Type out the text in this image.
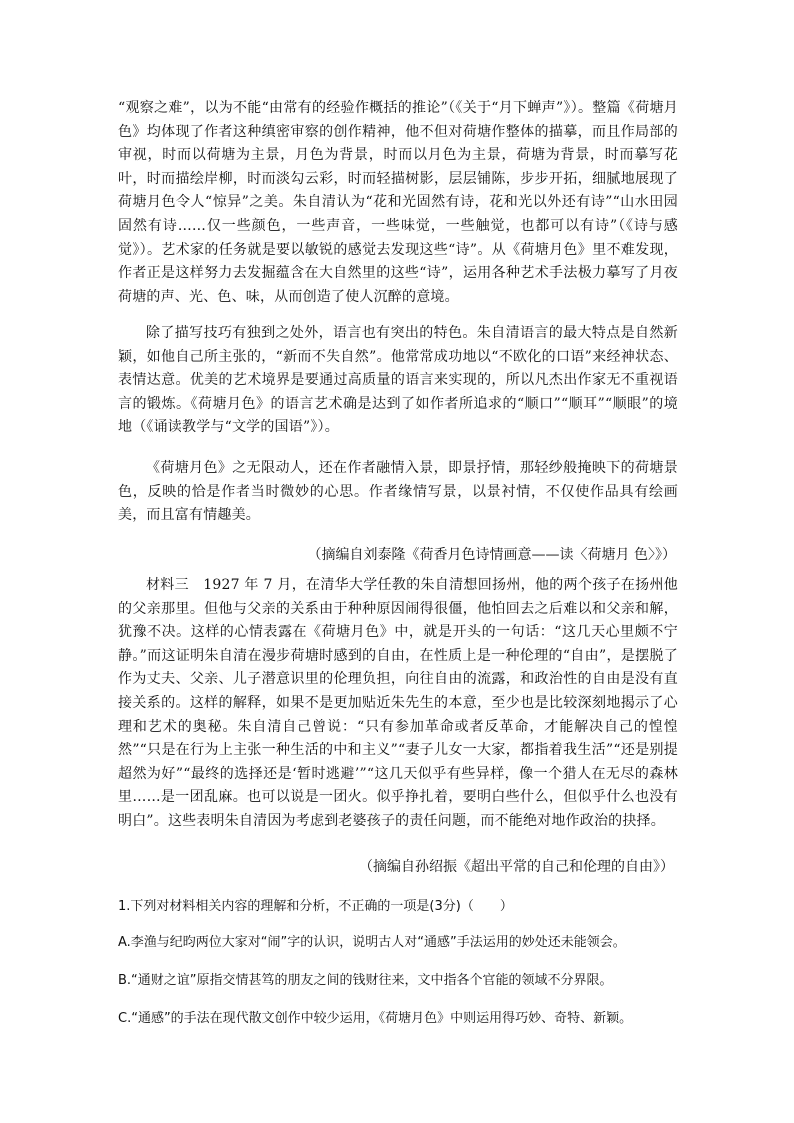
“观察之难”，以为不能“由常有的经验作概括的推论”（《关于“月下蝉声”》）。整篇《荷塘月色》均体现了作者这种缜密审察的创作精神，他不但对荷塘作整体的描摹，而且作局部的审视，时而以荷塘为主景，月色为背景，时而以月色为主景，荷塘为背景，时而摹写花叶，时而描绘岸柳，时而淡勾云彩，时而轻描树影，层层铺陈，步步开拓，细腻地展现了荷塘月色令人“惊异”之美。朱自清认为“花和光固然有诗，花和光以外还有诗”“山水田园固然有诗……仅一些颜色，一些声音，一些味觉，一些触觉，也都可以有诗”（《诗与感觉》）。艺术家的任务就是要以敏锐的感觉去发现这些“诗”。从《荷塘月色》里不难发现，作者正是这样努力去发掘蕴含在大自然里的这些“诗”，运用各种艺术手法极力摹写了月夜荷塘的声、光、色、味，从而创造了使人沉醉的意境。

除了描写技巧有独到之处外，语言也有突出的特色。朱自清语言的最大特点是自然新颖，如他自己所主张的，“新而不失自然”。他常常成功地以“不欧化的口语”来经神状态、表情达意。优美的艺术境界是要通过高质量的语言来实现的，所以凡杰出作家无不重视语言的锻炼。《荷塘月色》的语言艺术确是达到了如作者所追求的“顺口”“顺耳”“顺眼”的境地（《诵读教学与“文学的国语”》）。

《荷塘月色》之无限动人，还在作者融情入景，即景抒情，那轻纱般掩映下的荷塘景色，反映的恰是作者当时微妙的心思。作者缘情写景，以景衬情，不仅使作品具有绘画美，而且富有情趣美。

（摘编自刘泰隆《荷香月色诗情画意——读〈荷塘月 色〉》）

材料三　1927 年 7 月，在清华大学任教的朱自清想回扬州，他的两个孩子在扬州他的父亲那里。但他与父亲的关系由于种种原因闹得很僵，他怕回去之后难以和父亲和解，犹豫不决。这样的心情表露在《荷塘月色》中，就是开头的一句话：“这几天心里颇不宁静。”而这证明朱自清在漫步荷塘时感到的自由，在性质上是一种伦理的“自由”，是摆脱了作为丈夫、父亲、儿子潜意识里的伦理负担，向往自由的流露，和政治性的自由是没有直接关系的。这样的解释，如果不是更加贴近朱先生的本意，至少也是比较深刻地揭示了心理和艺术的奥秘。朱自清自己曾说：“只有参加革命或者反革命，才能解决自己的惶惶然”“只是在行为上主张一种生活的中和主义”“妻子儿女一大家，都指着我生活”“还是别提超然为好”“最终的选择还是‘暂时逃避’”“这几天似乎有些异样，像一个猎人在无尽的森林里……是一团乱麻。也可以说是一团火。似乎挣扎着，要明白些什么，但似乎什么也没有明白”。这些表明朱自清因为考虑到老婆孩子的责任问题，而不能绝对地作政治的抉择。

（摘编自孙绍振《超出平常的自己和伦理的自由》）

1.下列对材料相关内容的理解和分析，不正确的一项是(3分)（　　）

A.李渔与纪昀两位大家对“闹”字的认识，说明古人对“通感”手法运用的妙处还未能领会。

B.“通财之谊”原指交情甚笃的朋友之间的钱财往来，文中指各个官能的领域不分界限。

C.“通感”的手法在现代散文创作中较少运用，《荷塘月色》中则运用得巧妙、奇特、新颖。
